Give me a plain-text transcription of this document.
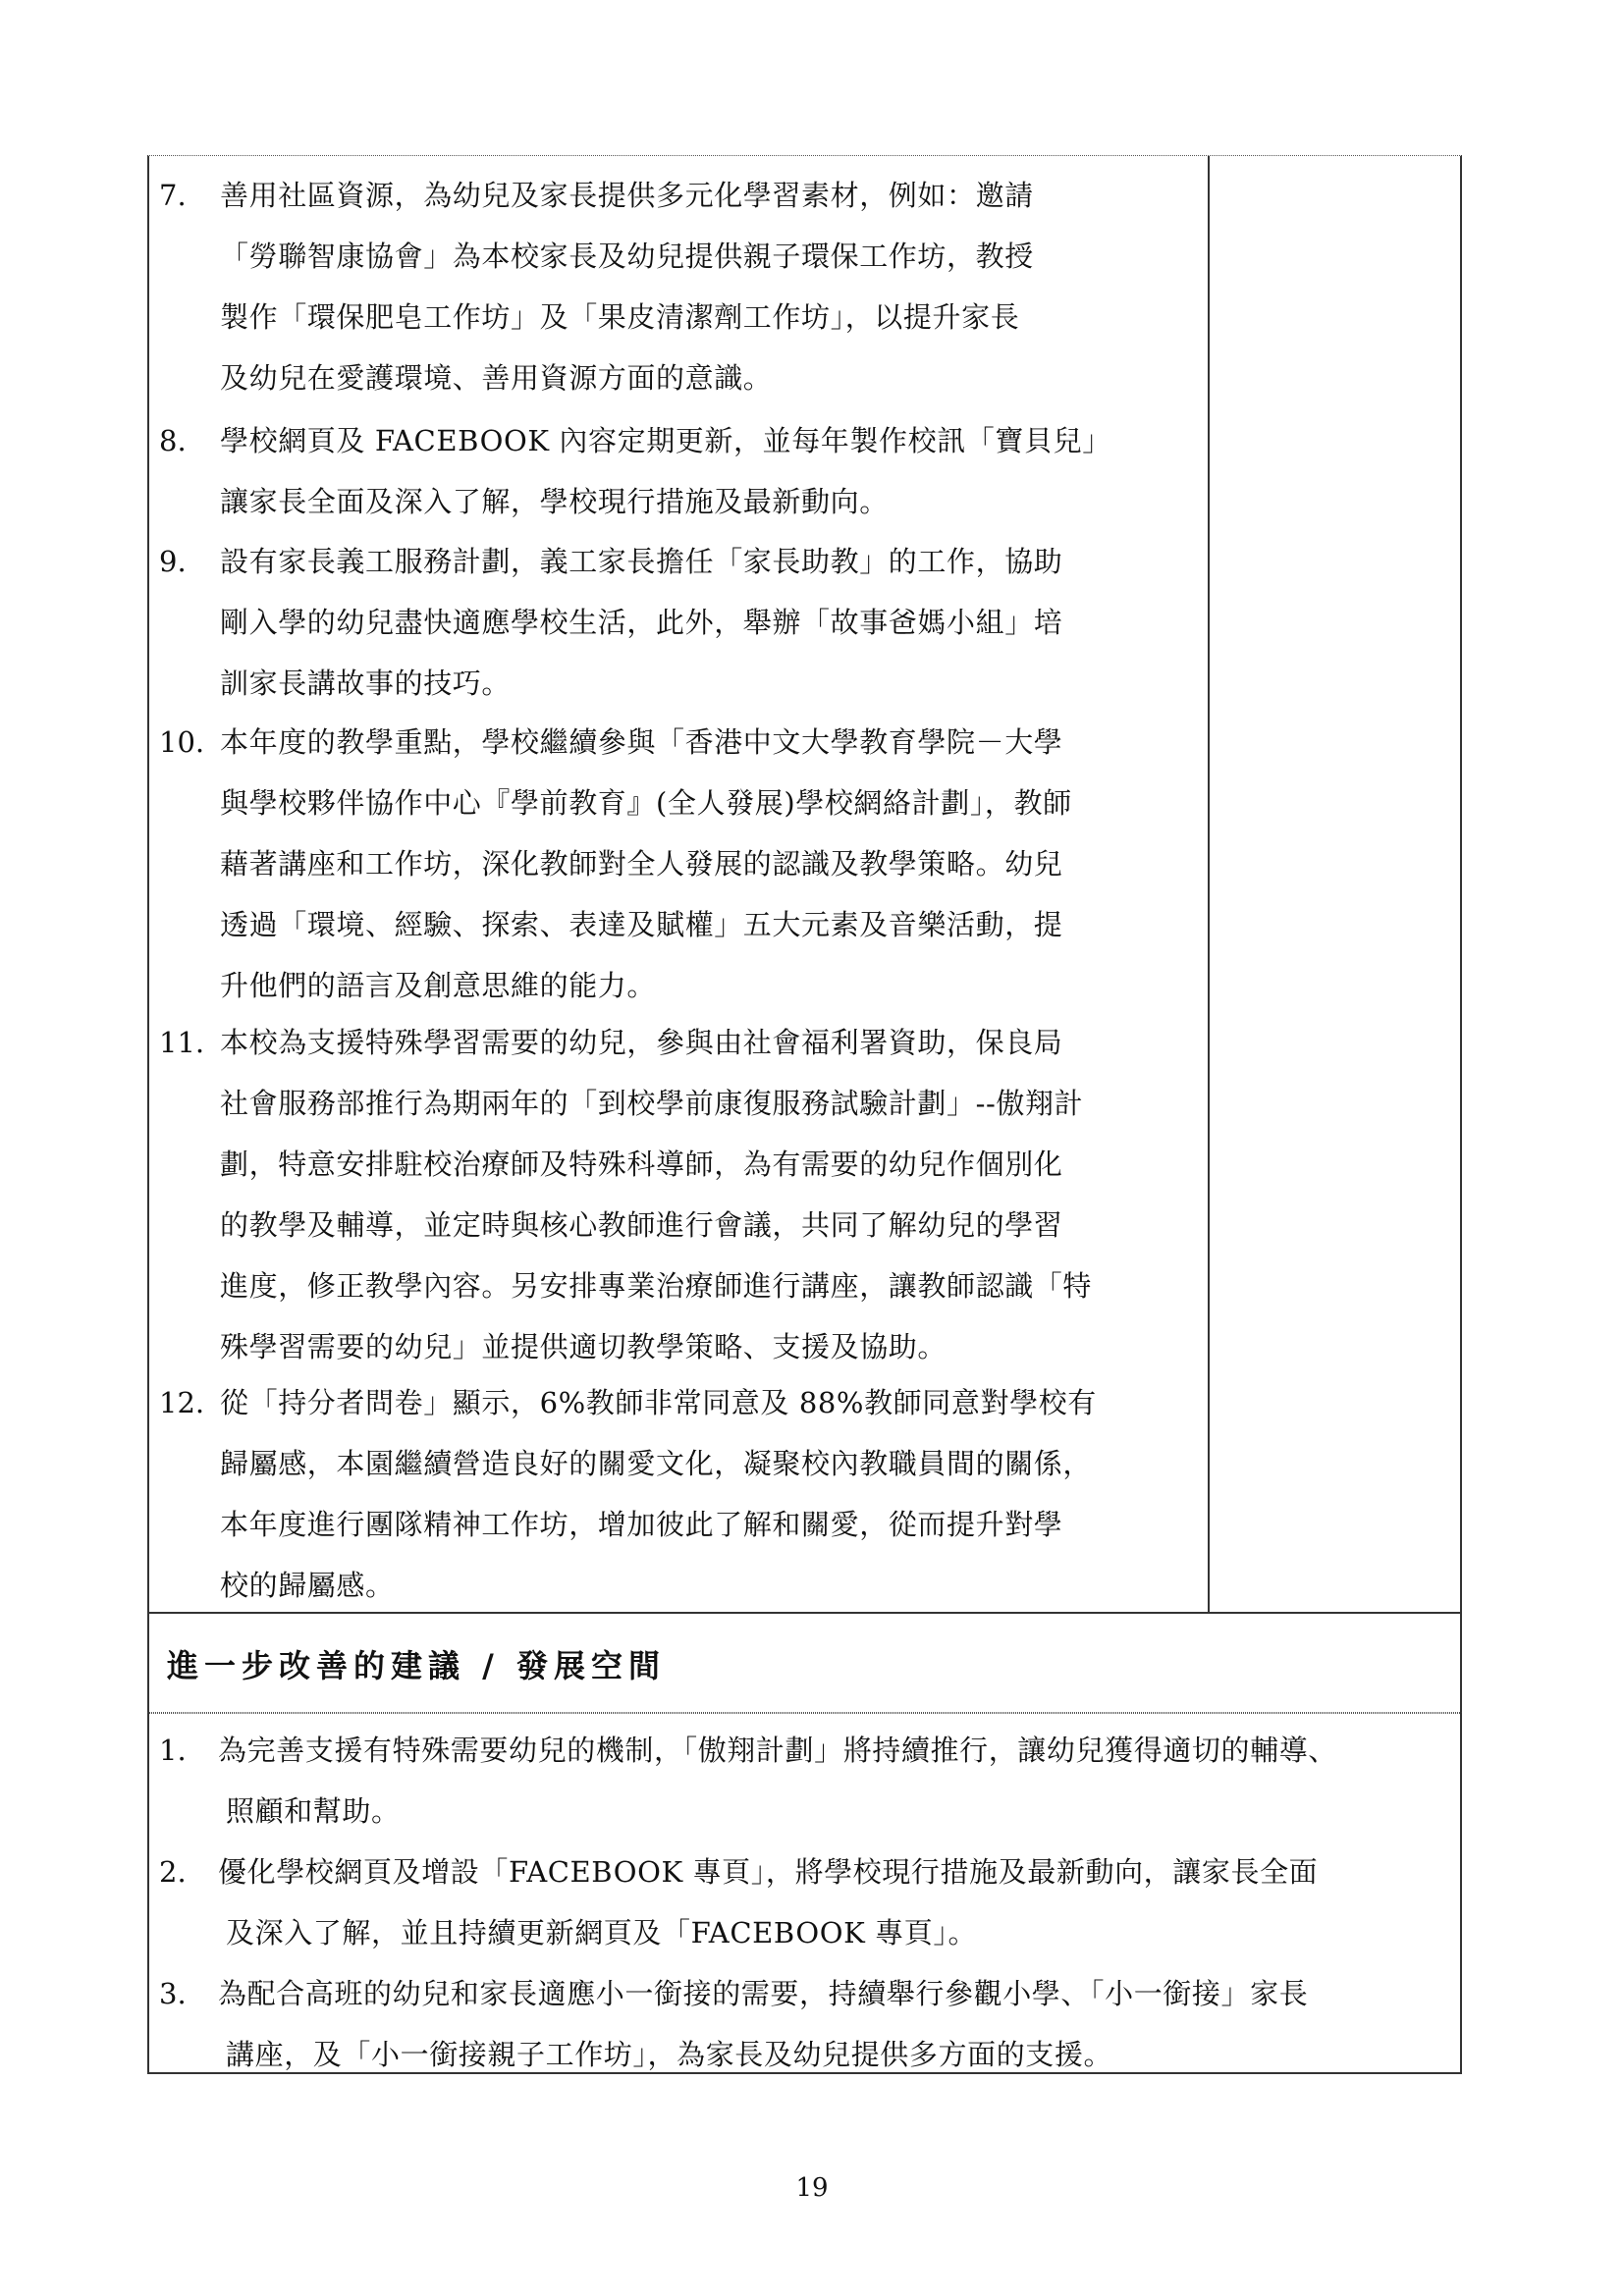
進一步改善的建議 / 發展空間
7. 善用社區資源，為幼兒及家長提供多元化學習素材，例如：邀請
「勞聯智康協會」為本校家長及幼兒提供親子環保工作坊，教授
製作「環保肥皂工作坊」及「果皮清潔劑工作坊」，以提升家長
及幼兒在愛護環境、善用資源方面的意識。
8. 學校網頁及 FACEBOOK 內容定期更新，並每年製作校訊「寶貝兒」
讓家長全面及深入了解，學校現行措施及最新動向。
9. 設有家長義工服務計劃，義工家長擔任「家長助教」的工作，協助
剛入學的幼兒盡快適應學校生活，此外，舉辦「故事爸媽小組」培
訓家長講故事的技巧。
10. 本年度的教學重點，學校繼續參與「香港中文大學教育學院－大學
與學校夥伴協作中心『學前教育』(全人發展)學校網絡計劃」，教師
藉著講座和工作坊，深化教師對全人發展的認識及教學策略。幼兒
透過「環境、經驗、探索、表達及賦權」五大元素及音樂活動，提
升他們的語言及創意思維的能力。
11. 本校為支援特殊學習需要的幼兒，參與由社會福利署資助，保良局
社會服務部推行為期兩年的「到校學前康復服務試驗計劃」--傲翔計
劃，特意安排駐校治療師及特殊科導師，為有需要的幼兒作個別化
的教學及輔導，並定時與核心教師進行會議，共同了解幼兒的學習
進度，修正教學內容。另安排專業治療師進行講座，讓教師認識「特
殊學習需要的幼兒」並提供適切教學策略、支援及協助。
12. 從「持分者問卷」顯示，6%教師非常同意及 88%教師同意對學校有
歸屬感，本園繼續營造良好的關愛文化，凝聚校內教職員間的關係，
本年度進行團隊精神工作坊，增加彼此了解和關愛，從而提升對學
校的歸屬感。
1. 為完善支援有特殊需要幼兒的機制，「傲翔計劃」將持續推行，讓幼兒獲得適切的輔導、
照顧和幫助。
2. 優化學校網頁及增設「FACEBOOK 專頁」，將學校現行措施及最新動向，讓家長全面
及深入了解，並且持續更新網頁及「FACEBOOK 專頁」。
3. 為配合高班的幼兒和家長適應小一銜接的需要，持續舉行參觀小學、「小一銜接」家長
講座，及「小一銜接親子工作坊」，為家長及幼兒提供多方面的支援。
19
